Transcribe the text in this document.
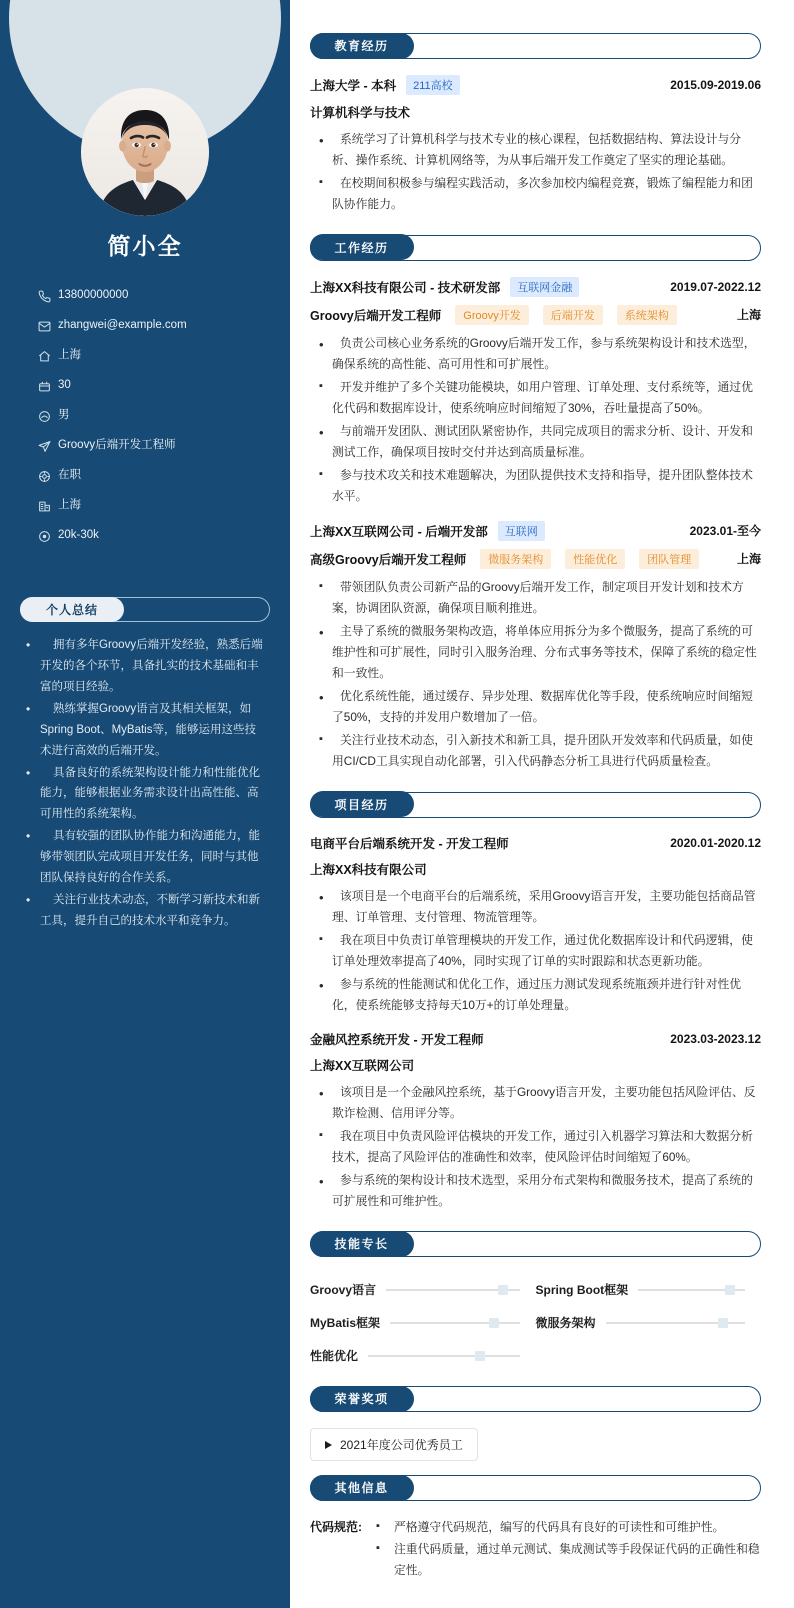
简小全
13800000000
zhangwei@example.com
上海
30
男
Groovy后端开发工程师
在职
上海
20k-30k
个人总结
• 拥有多年Groovy后端开发经验，熟悉后端开发的各个环节，具备扎实的技术基础和丰富的项目经验。
• 熟练掌握Groovy语言及其相关框架，如Spring Boot、MyBatis等，能够运用这些技术进行高效的后端开发。
• 具备良好的系统架构设计能力和性能优化能力，能够根据业务需求设计出高性能、高可用性的系统架构。
• 具有较强的团队协作能力和沟通能力，能够带领团队完成项目开发任务，同时与其他团队保持良好的合作关系。
• 关注行业技术动态，不断学习新技术和新工具，提升自己的技术水平和竞争力。
教育经历
上海大学 - 本科	211高校	2015.09-2019.06
计算机科学与技术
• 系统学习了计算机科学与技术专业的核心课程，包括数据结构、算法设计与分析、操作系统、计算机网络等，为从事后端开发工作奠定了坚实的理论基础。
▪ 在校期间积极参与编程实践活动，多次参加校内编程竞赛，锻炼了编程能力和团队协作能力。
工作经历
上海XX科技有限公司 - 技术研发部	互联网金融	2019.07-2022.12
Groovy后端开发工程师	Groovy开发	后端开发	系统架构	上海
• 负责公司核心业务系统的Groovy后端开发工作，参与系统架构设计和技术选型，确保系统的高性能、高可用性和可扩展性。
▪ 开发并维护了多个关键功能模块，如用户管理、订单处理、支付系统等，通过优化代码和数据库设计，使系统响应时间缩短了30%，吞吐量提高了50%。
• 与前端开发团队、测试团队紧密协作，共同完成项目的需求分析、设计、开发和测试工作，确保项目按时交付并达到高质量标准。
▪ 参与技术攻关和技术难题解决，为团队提供技术支持和指导，提升团队整体技术水平。
上海XX互联网公司 - 后端开发部	互联网	2023.01-至今
高级Groovy后端开发工程师	微服务架构	性能优化	团队管理	上海
▪ 带领团队负责公司新产品的Groovy后端开发工作，制定项目开发计划和技术方案，协调团队资源，确保项目顺利推进。
• 主导了系统的微服务架构改造，将单体应用拆分为多个微服务，提高了系统的可维护性和可扩展性，同时引入服务治理、分布式事务等技术，保障了系统的稳定性和一致性。
• 优化系统性能，通过缓存、异步处理、数据库优化等手段，使系统响应时间缩短了50%，支持的并发用户数增加了一倍。
▪ 关注行业技术动态，引入新技术和新工具，提升团队开发效率和代码质量，如使用CI/CD工具实现自动化部署，引入代码静态分析工具进行代码质量检查。
项目经历
电商平台后端系统开发 - 开发工程师	2020.01-2020.12
上海XX科技有限公司
• 该项目是一个电商平台的后端系统，采用Groovy语言开发，主要功能包括商品管理、订单管理、支付管理、物流管理等。
▪ 我在项目中负责订单管理模块的开发工作，通过优化数据库设计和代码逻辑，使订单处理效率提高了40%，同时实现了订单的实时跟踪和状态更新功能。
• 参与系统的性能测试和优化工作，通过压力测试发现系统瓶颈并进行针对性优化，使系统能够支持每天10万+的订单处理量。
金融风控系统开发 - 开发工程师	2023.03-2023.12
上海XX互联网公司
• 该项目是一个金融风控系统，基于Groovy语言开发，主要功能包括风险评估、反欺诈检测、信用评分等。
▪ 我在项目中负责风险评估模块的开发工作，通过引入机器学习算法和大数据分析技术，提高了风险评估的准确性和效率，使风险评估时间缩短了60%。
• 参与系统的架构设计和技术选型，采用分布式架构和微服务技术，提高了系统的可扩展性和可维护性。
技能专长
Groovy语言	Spring Boot框架
MyBatis框架	微服务架构
性能优化
荣誉奖项
2021年度公司优秀员工
其他信息
代码规范:	▪ 严格遵守代码规范，编写的代码具有良好的可读性和可维护性。
▪ 注重代码质量，通过单元测试、集成测试等手段保证代码的正确性和稳定性。
